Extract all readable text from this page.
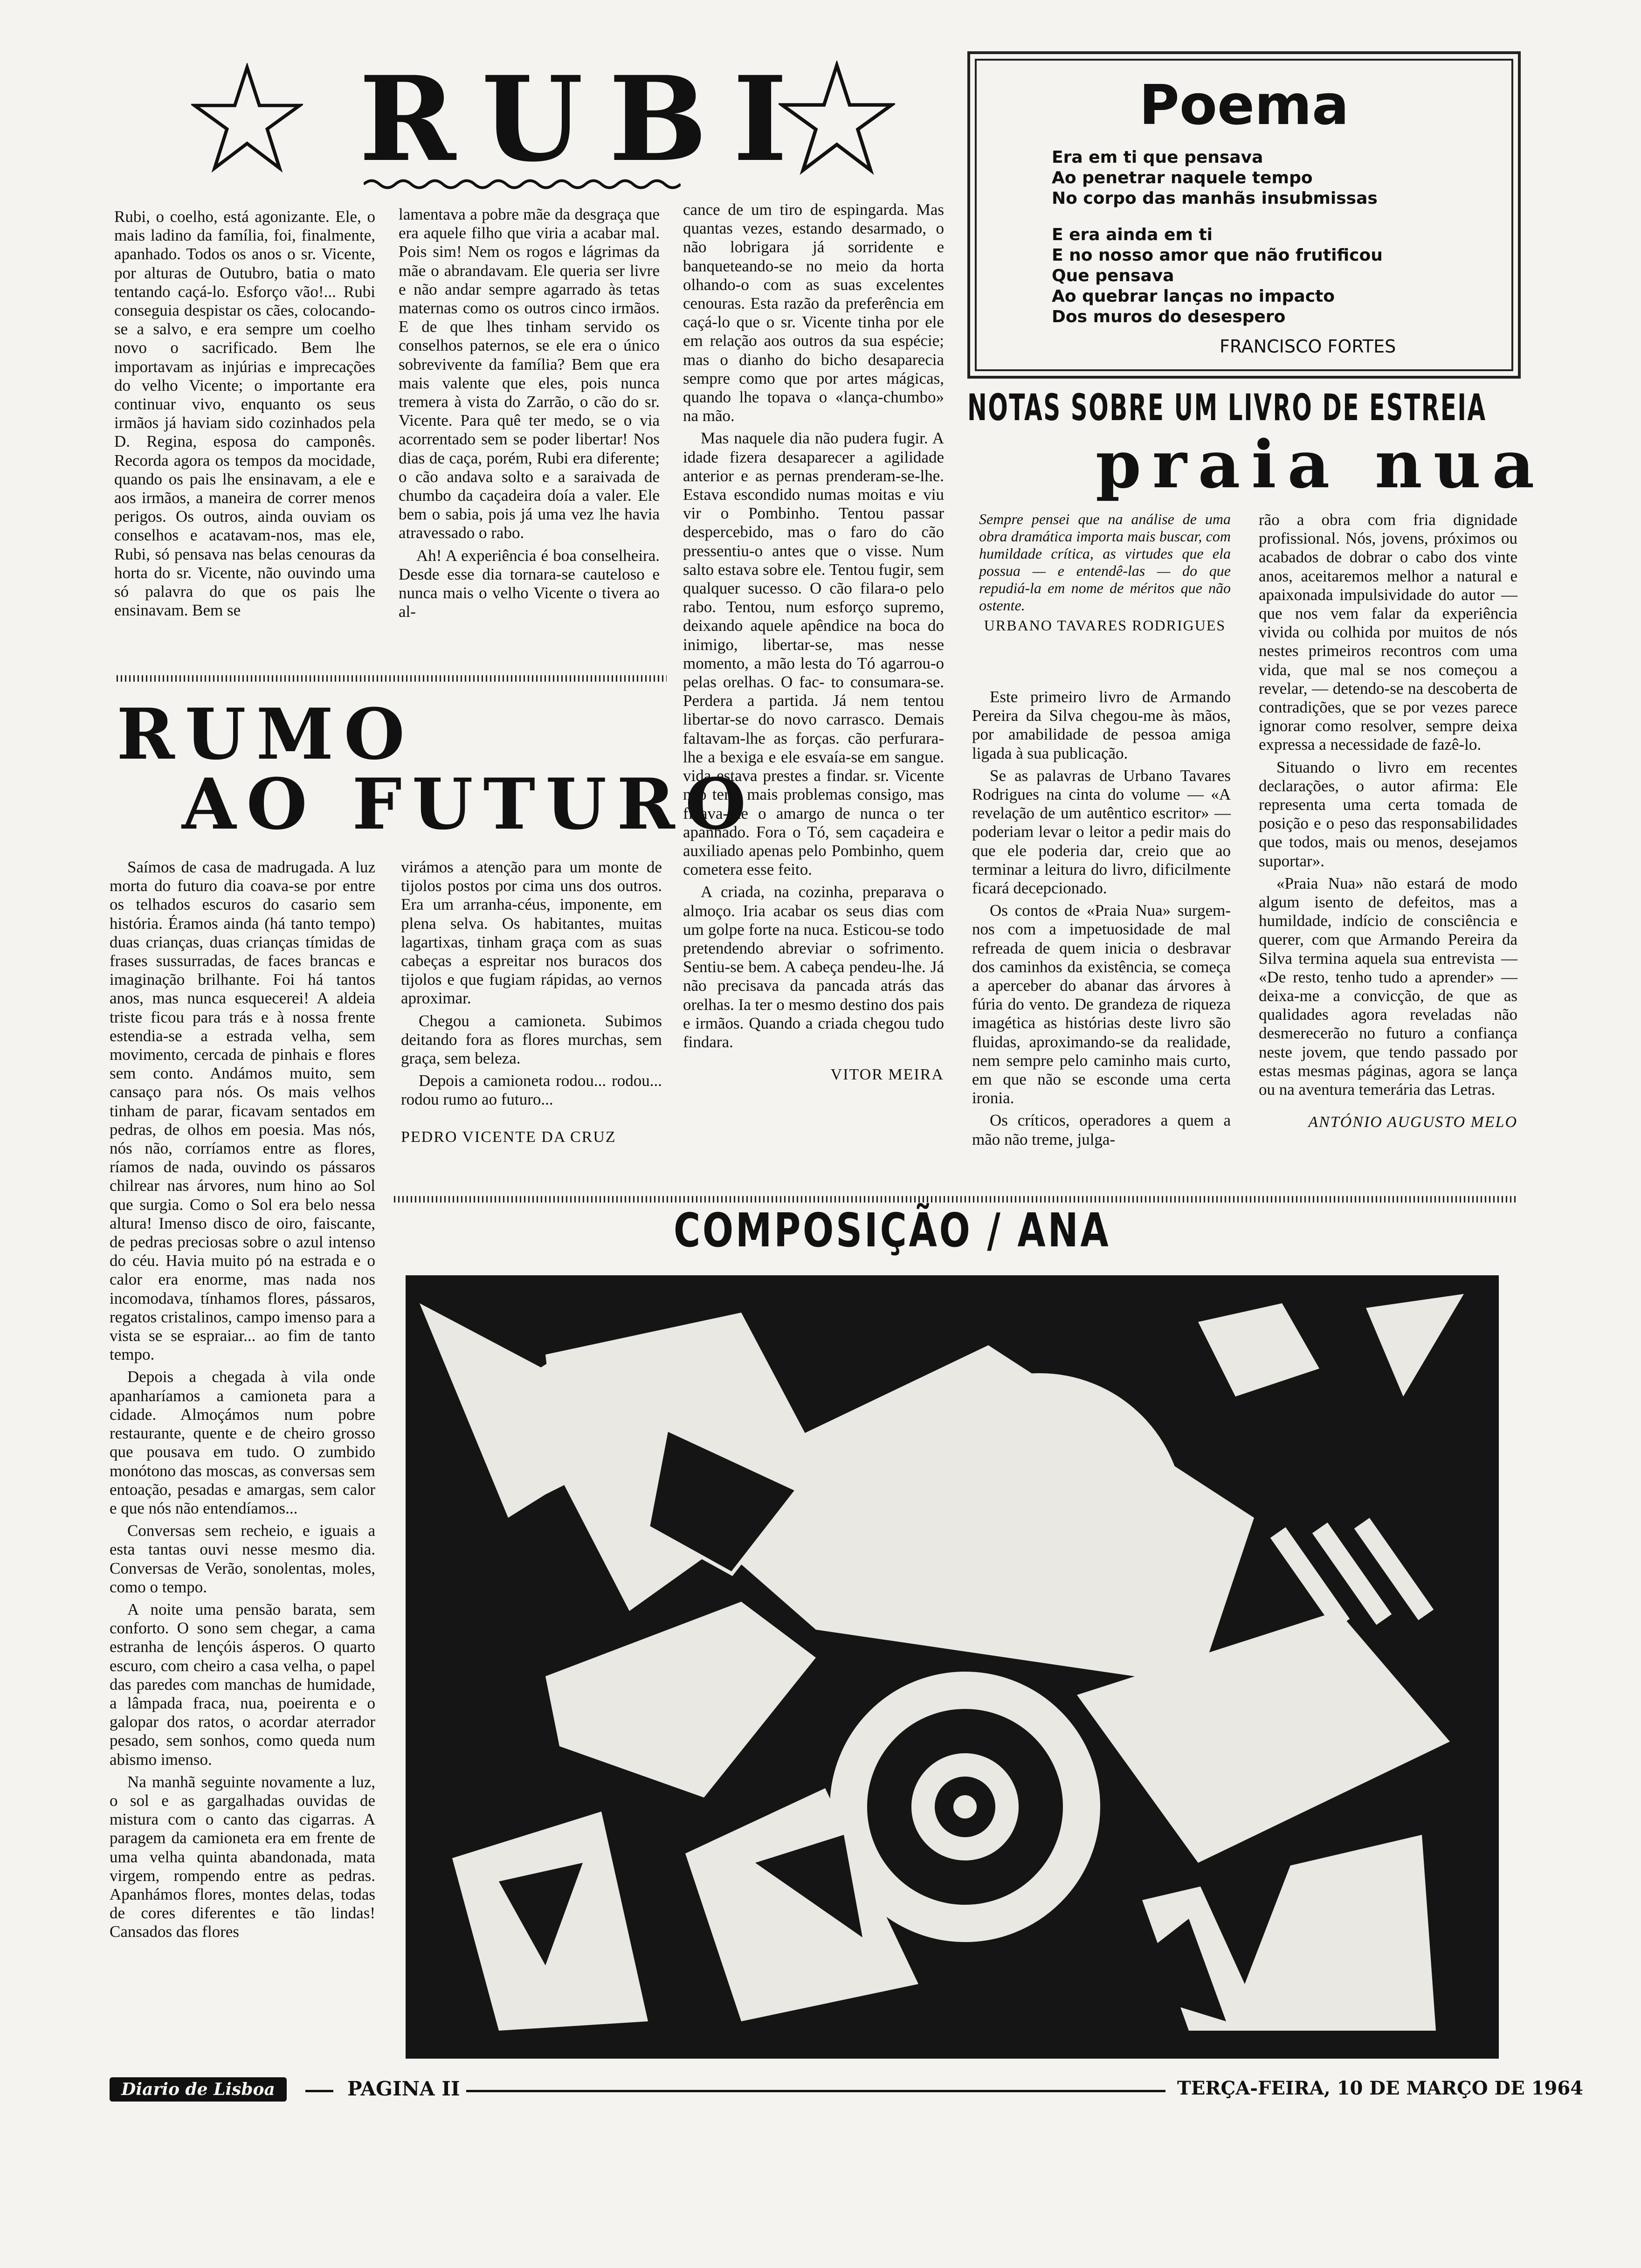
RUBI

Rubi, o coelho, está agonizante. Ele, o mais ladino da família, foi, finalmente, apanhado. Todos os anos o sr. Vicente, por alturas de Outubro, batia o mato tentando caçá-lo. Esforço vão!... Rubi conseguia despistar os cães, colocando-se a salvo, e era sempre um coelho novo o sacrificado. Bem lhe importavam as injúrias e imprecações do velho Vicente; o importante era continuar vivo, enquanto os seus irmãos já haviam sido cozinhados pela D. Regina, esposa do camponês. Recorda agora os tempos da mocidade, quando os pais lhe ensinavam, a ele e aos irmãos, a maneira de correr menos perigos. Os outros, ainda ouviam os conselhos e acatavam-nos, mas ele, Rubi, só pensava nas belas cenouras da horta do sr. Vicente, não ouvindo uma só palavra do que os pais lhe ensinavam. Bem se

lamentava a pobre mãe da desgraça que era aquele filho que viria a acabar mal. Pois sim! Nem os rogos e lágrimas da mãe o abrandavam. Ele queria ser livre e não andar sempre agarrado às tetas maternas como os outros cinco irmãos. E de que lhes tinham servido os conselhos paternos, se ele era o único sobrevivente da família? Bem que era mais valente que eles, pois nunca tremera à vista do Zarrão, o cão do sr. Vicente. Para quê ter medo, se o via acorrentado sem se poder libertar! Nos dias de caça, porém, Rubi era diferente; o cão andava solto e a saraivada de chumbo da caçadeira doía a valer. Ele bem o sabia, pois já uma vez lhe havia atravessado o rabo.

Ah! A experiência é boa conselheira. Desde esse dia tornara-se cauteloso e nunca mais o velho Vicente o tivera ao al-

cance de um tiro de espingarda. Mas quantas vezes, estando desarmado, o não lobrigara já sorridente e banqueteando-se no meio da horta olhando-o com as suas excelentes cenouras. Esta razão da preferência em caçá-lo que o sr. Vicente tinha por ele em relação aos outros da sua espécie; mas o dianho do bicho desaparecia sempre como que por artes mágicas, quando lhe topava o «lança-chumbo» na mão.

Mas naquele dia não pudera fugir. A idade fizera desaparecer a agilidade anterior e as pernas prenderam-se-lhe. Estava escondido numas moitas e viu vir o Pombinho. Tentou passar despercebido, mas o faro do cão pressentiu-o antes que o visse. Num salto estava sobre ele. Tentou fugir, sem qualquer sucesso. O cão filara-o pelo rabo. Tentou, num esforço supremo, deixando aquele apêndice na boca do inimigo, libertar-se, mas nesse momento, a mão lesta do Tó agarrou-o pelas orelhas. O fac- to consumara-se. Perdera a partida. Já nem tentou libertar-se do novo carrasco. Demais faltavam-lhe as forças. cão perfurara-lhe a bexiga e ele esvaía-se em sangue. vida estava prestes a findar. sr. Vicente não teria mais problemas consigo, mas ficava-lhe o amargo de nunca o ter apanhado. Fora o Tó, sem caçadeira e auxiliado apenas pelo Pombinho, quem cometera esse feito.

A criada, na cozinha, preparava o almoço. Iria acabar os seus dias com um golpe forte na nuca. Esticou-se todo pretendendo abreviar o sofrimento. Sentiu-se bem. A cabeça pendeu-lhe. Já não precisava da pancada atrás das orelhas. Ia ter o mesmo destino dos pais e irmãos. Quando a criada chegou tudo findara.

VITOR MEIRA
RUMO
AO FUTURO

Saímos de casa de madrugada. A luz morta do futuro dia coava-se por entre os telhados escuros do casario sem história. Éramos ainda (há tanto tempo) duas crianças, duas crianças tímidas de frases sussurradas, de faces brancas e imaginação brilhante. Foi há tantos anos, mas nunca esquecerei! A aldeia triste ficou para trás e à nossa frente estendia-se a estrada velha, sem movimento, cercada de pinhais e flores sem conto. Andámos muito, sem cansaço para nós. Os mais velhos tinham de parar, ficavam sentados em pedras, de olhos em poesia. Mas nós, nós não, corríamos entre as flores, ríamos de nada, ouvindo os pássaros chilrear nas árvores, num hino ao Sol que surgia. Como o Sol era belo nessa altura! Imenso disco de oiro, faiscante, de pedras preciosas sobre o azul intenso do céu. Havia muito pó na estrada e o calor era enorme, mas nada nos incomodava, tínhamos flores, pássaros, regatos cristalinos, campo imenso para a vista se se espraiar... ao fim de tanto tempo.

Depois a chegada à vila onde apanharíamos a camioneta para a cidade. Almoçámos num pobre restaurante, quente e de cheiro grosso que pousava em tudo. O zumbido monótono das moscas, as conversas sem entoação, pesadas e amargas, sem calor e que nós não entendíamos...

Conversas sem recheio, e iguais a esta tantas ouvi nesse mesmo dia. Conversas de Verão, sonolentas, moles, como o tempo.

A noite uma pensão barata, sem conforto. O sono sem chegar, a cama estranha de lençóis ásperos. O quarto escuro, com cheiro a casa velha, o papel das paredes com manchas de humidade, a lâmpada fraca, nua, poeirenta e o galopar dos ratos, o acordar aterrador pesado, sem sonhos, como queda num abismo imenso.

Na manhã seguinte novamente a luz, o sol e as gargalhadas ouvidas de mistura com o canto das cigarras. A paragem da camioneta era em frente de uma velha quinta abandonada, mata virgem, rompendo entre as pedras. Apanhámos flores, montes delas, todas de cores diferentes e tão lindas! Cansados das flores

virámos a atenção para um monte de tijolos postos por cima uns dos outros. Era um arranha-céus, imponente, em plena selva. Os habitantes, muitas lagartixas, tinham graça com as suas cabeças a espreitar nos buracos dos tijolos e que fugiam rápidas, ao vernos aproximar.

Chegou a camioneta. Subimos deitando fora as flores murchas, sem graça, sem beleza.

Depois a camioneta rodou... rodou... rodou rumo ao futuro...

PEDRO VICENTE DA CRUZ
Poema
Era em ti que pensava
Ao penetrar naquele tempo
No corpo das manhãs insubmissas
E era ainda em ti
E no nosso amor que não frutificou
Que pensava
Ao quebrar lanças no impacto
Dos muros do desespero
FRANCISCO FORTES
NOTAS SOBRE UM LIVRO DE ESTREIA
praia nua
Sempre pensei que na análise de uma obra dramática importa mais buscar, com humildade crítica, as virtudes que ela possua — e entendê-las — do que repudiá-la em nome de méritos que não ostente.
URBANO TAVARES RODRIGUES

Este primeiro livro de Armando Pereira da Silva chegou-me às mãos, por amabilidade de pessoa amiga ligada à sua publicação.

Se as palavras de Urbano Tavares Rodrigues na cinta do volume — «A revelação de um autêntico escritor» — poderiam levar o leitor a pedir mais do que ele poderia dar, creio que ao terminar a leitura do livro, dificilmente ficará decepcionado.

Os contos de «Praia Nua» surgem-nos com a impetuosidade de mal refreada de quem inicia o desbravar dos caminhos da existência, se começa a aperceber do abanar das árvores à fúria do vento. De grandeza de riqueza imagética as histórias deste livro são fluidas, aproximando-se da realidade, nem sempre pelo caminho mais curto, em que não se esconde uma certa ironia.

Os críticos, operadores a quem a mão não treme, julga-

rão a obra com fria dignidade profissional. Nós, jovens, próximos ou acabados de dobrar o cabo dos vinte anos, aceitaremos melhor a natural e apaixonada impulsividade do autor — que nos vem falar da experiência vivida ou colhida por muitos de nós nestes primeiros recontros com uma vida, que mal se nos começou a revelar, — detendo-se na descoberta de contradições, que se por vezes parece ignorar como resolver, sempre deixa expressa a necessidade de fazê-lo.

Situando o livro em recentes declarações, o autor afirma: Ele representa uma certa tomada de posição e o peso das responsabilidades que todos, mais ou menos, desejamos suportar».

«Praia Nua» não estará de modo algum isento de defeitos, mas a humildade, indício de consciência e querer, com que Armando Pereira da Silva termina aquela sua entrevista — «De resto, tenho tudo a aprender» — deixa-me a convicção, de que as qualidades agora reveladas não desmerecerão no futuro a confiança neste jovem, que tendo passado por estas mesmas páginas, agora se lança ou na aventura temerária das Letras.

ANTÓNIO AUGUSTO MELO
COMPOSIÇÃO / ANA
ANA
Diario de Lisboa	PAGINA II	TERÇA-FEIRA, 10 DE MARÇO DE 1964
